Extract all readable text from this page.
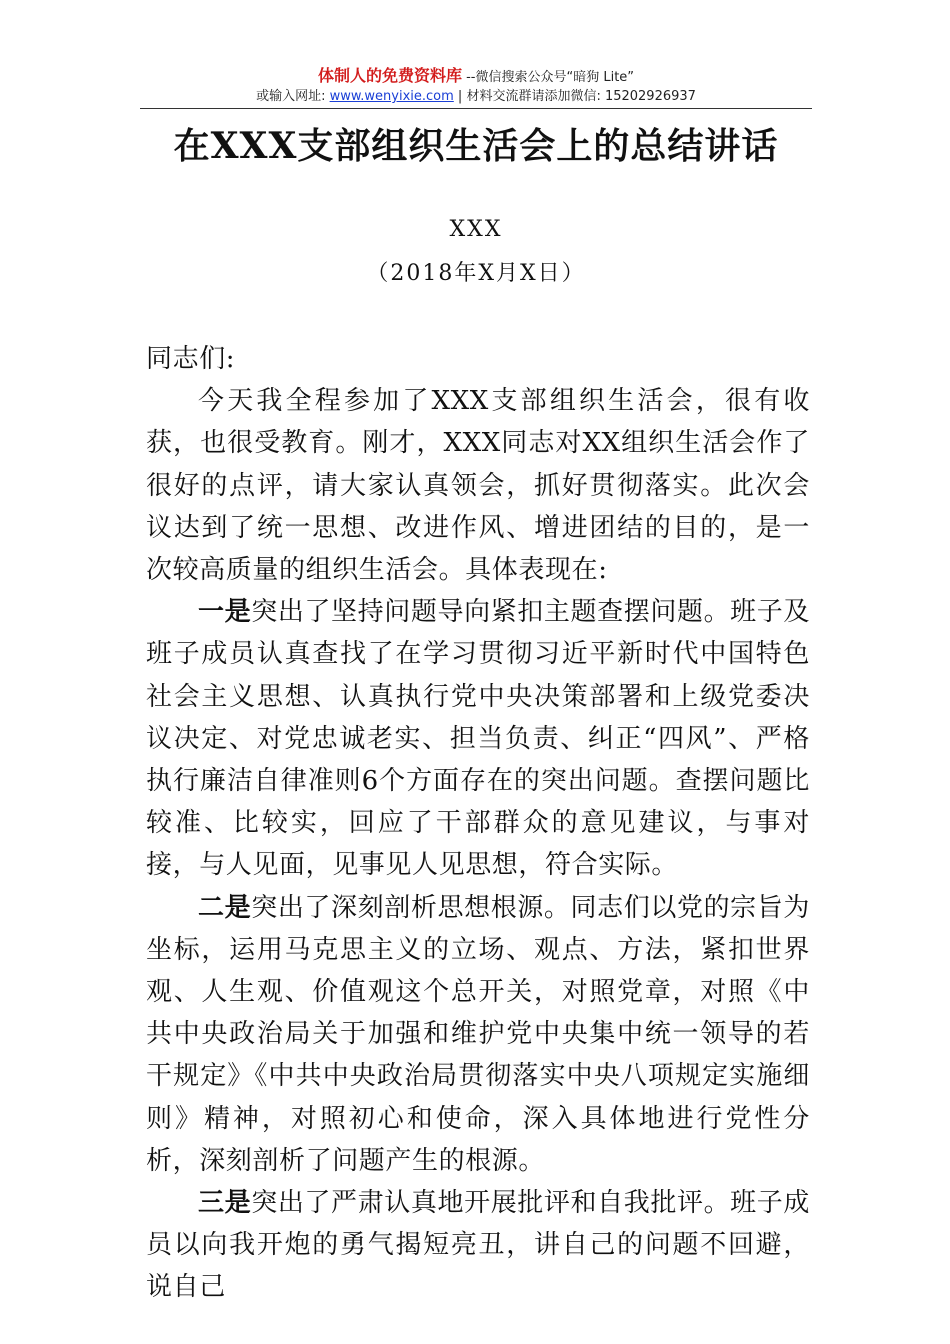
体制人的免费资料库 --微信搜索公众号“暗狗 Lite”
或输入网址: www.wenyixie.com | 材料交流群请添加微信: 15202926937
在XXX支部组织生活会上的总结讲话
XXX
（2018年X月X日）

同志们:

今天我全程参加了XXX支部组织生活会，很有收获，也很受教育。刚才，XXX同志对XX组织生活会作了很好的点评，请大家认真领会，抓好贯彻落实。此次会议达到了统一思想、改进作风、增进团结的目的，是一次较高质量的组织生活会。具体表现在:

一是突出了坚持问题导向紧扣主题查摆问题。班子及班子成员认真查找了在学习贯彻习近平新时代中国特色社会主义思想、认真执行党中央决策部署和上级党委决议决定、对党忠诚老实、担当负责、纠正“四风”、严格执行廉洁自律准则6个方面存在的突出问题。查摆问题比较准、比较实，回应了干部群众的意见建议，与事对接，与人见面，见事见人见思想，符合实际。

二是突出了深刻剖析思想根源。同志们以党的宗旨为坐标，运用马克思主义的立场、观点、方法，紧扣世界观、人生观、价值观这个总开关，对照党章，对照《中共中央政治局关于加强和维护党中央集中统一领导的若干规定》《中共中央政治局贯彻落实中央八项规定实施细则》精神，对照初心和使命，深入具体地进行党性分析，深刻剖析了问题产生的根源。

三是突出了严肃认真地开展批评和自我批评。班子成员以向我开炮的勇气揭短亮丑，讲自己的问题不回避，说自己
